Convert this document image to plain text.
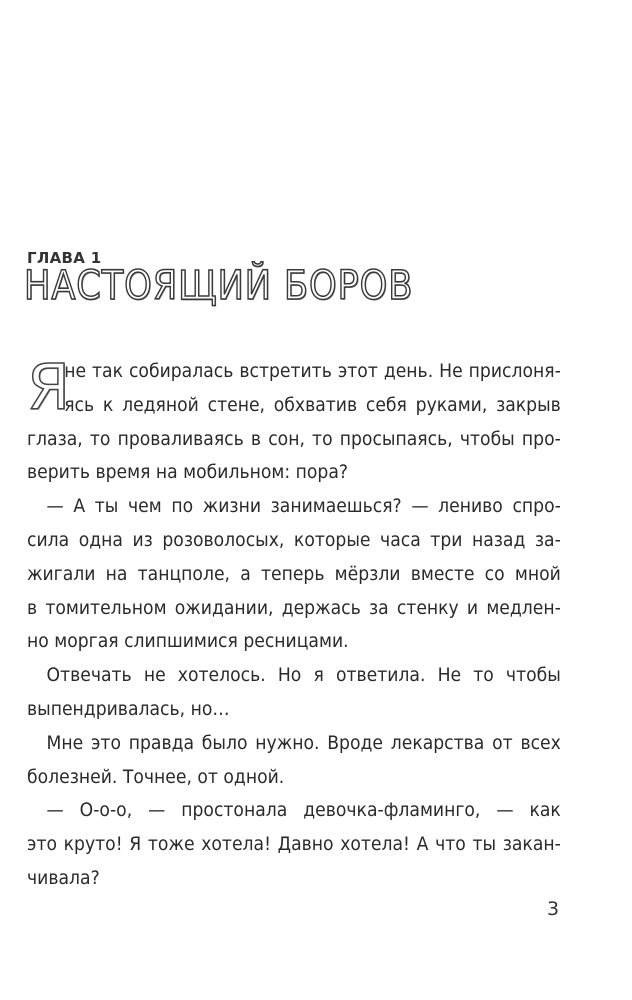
ГЛАВА 1
НАСТОЯЩИЙ БОРОВ
Я
не так собиралась встретить этот день. Не прислоня-
ясь к ледяной стене, обхватив себя руками, закрыв
глаза, то проваливаясь в сон, то просыпаясь, чтобы про-
верить время на мобильном: пора?
— А ты чем по жизни занимаешься? — лениво спро-
сила одна из розоволосых, которые часа три назад за-
жигали на танцполе, а теперь мёрзли вместе со мной
в томительном ожидании, держась за стенку и медлен-
но моргая слипшимися ресницами.
Отвечать не хотелось. Но я ответила. Не то чтобы
выпендривалась, но…
Мне это правда было нужно. Вроде лекарства от всех
болезней. Точнее, от одной.
— О-о-о, — простонала девочка-фламинго, — как
это круто! Я тоже хотела! Давно хотела! А что ты закан-
чивала?
3
